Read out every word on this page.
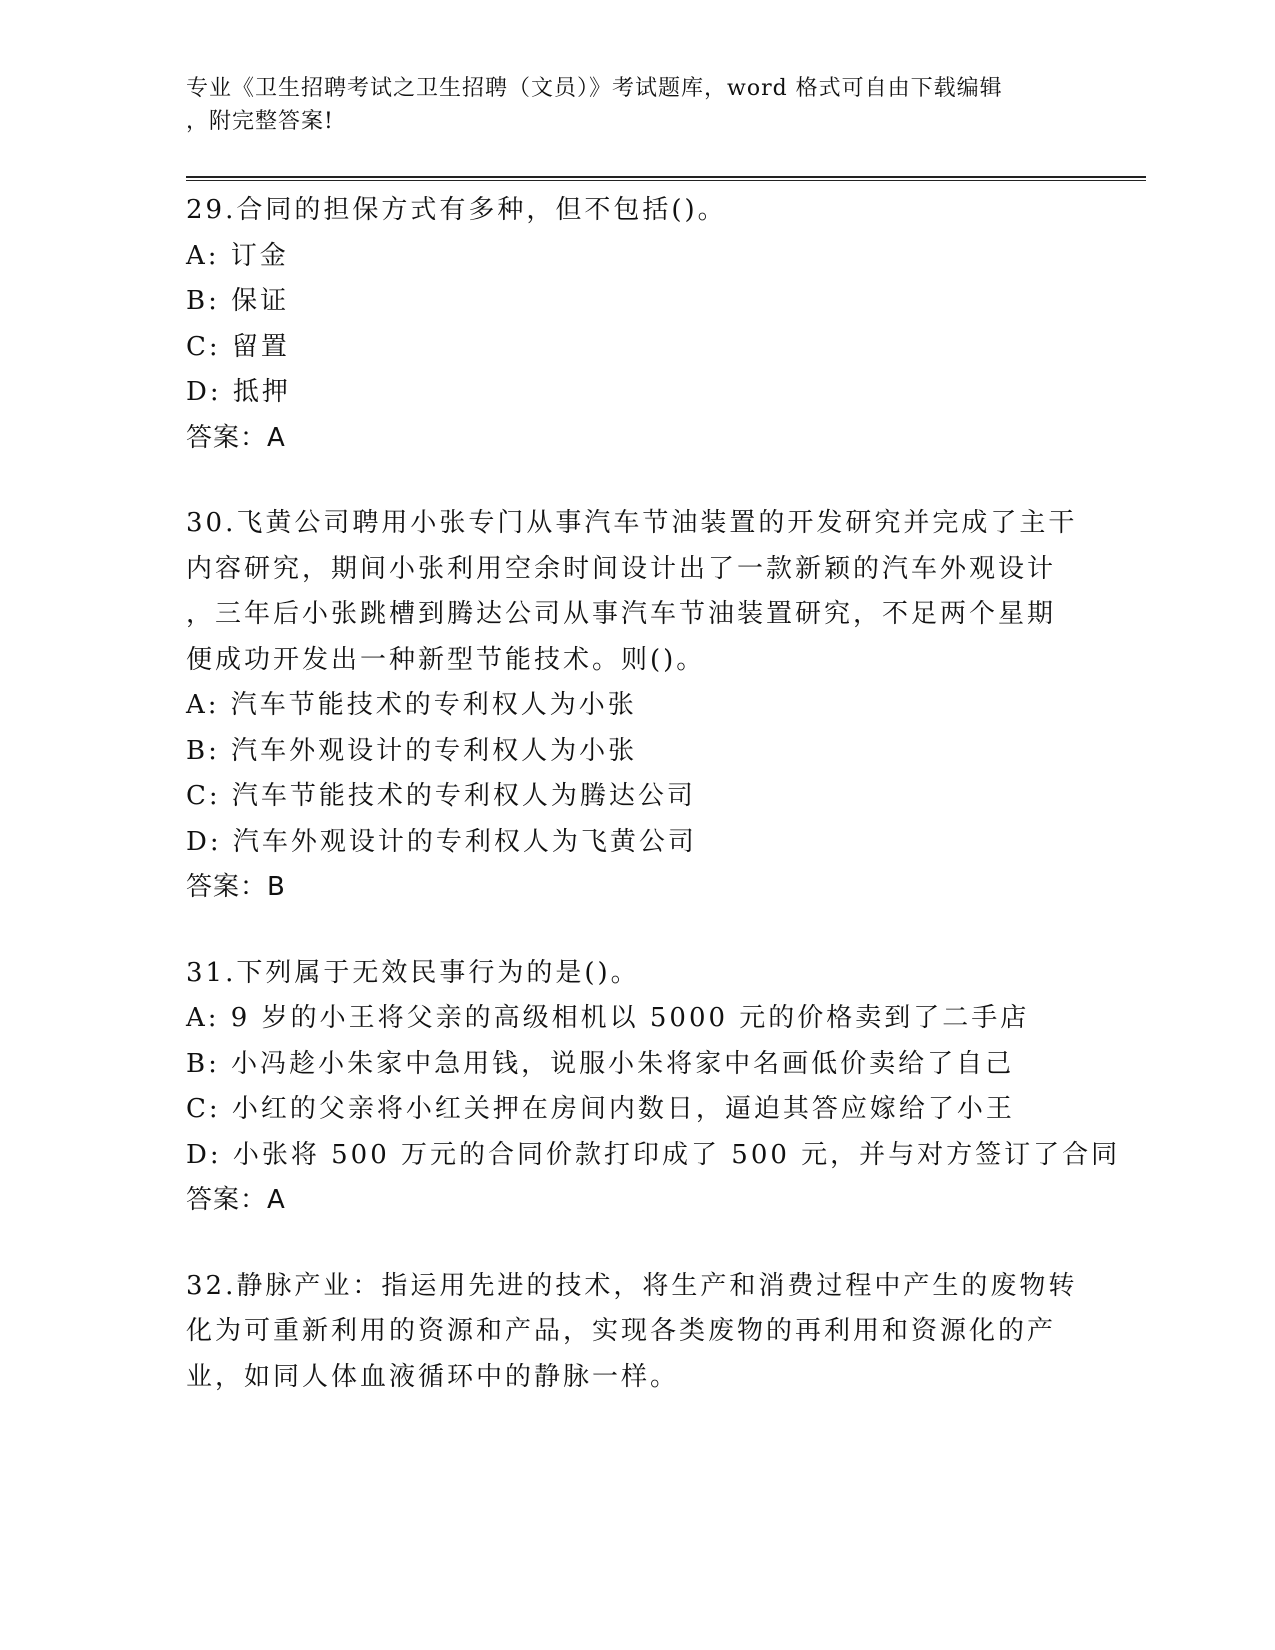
专业《卫生招聘考试之卫生招聘（文员）》考试题库，word 格式可自由下载编辑
，附完整答案!
29.合同的担保方式有多种，但不包括()。
A: 订金
B: 保证
C: 留置
D: 抵押
答案：A
30.飞黄公司聘用小张专门从事汽车节油装置的开发研究并完成了主干
内容研究，期间小张利用空余时间设计出了一款新颖的汽车外观设计
，三年后小张跳槽到腾达公司从事汽车节油装置研究，不足两个星期
便成功开发出一种新型节能技术。则()。
A: 汽车节能技术的专利权人为小张
B: 汽车外观设计的专利权人为小张
C: 汽车节能技术的专利权人为腾达公司
D: 汽车外观设计的专利权人为飞黄公司
答案：B
31.下列属于无效民事行为的是()。
A: 9 岁的小王将父亲的高级相机以 5000 元的价格卖到了二手店
B: 小冯趁小朱家中急用钱，说服小朱将家中名画低价卖给了自己
C: 小红的父亲将小红关押在房间内数日，逼迫其答应嫁给了小王
D: 小张将 500 万元的合同价款打印成了 500 元，并与对方签订了合同
答案：A
32.静脉产业：指运用先进的技术，将生产和消费过程中产生的废物转
化为可重新利用的资源和产品，实现各类废物的再利用和资源化的产
业，如同人体血液循环中的静脉一样。
